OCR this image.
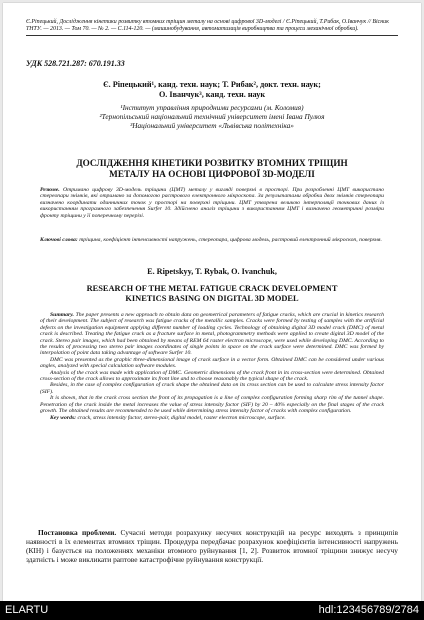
Є.Ріпецький, Дослідження кінетики розвитку втомних тріщин металу на основі цифрової 3D-моделі / Є.Ріпецький, Т.Рибак, О.Іванчук // Вісник ТНТУ. — 2013. — Том 70. — № 2. — С.114-120. — (машинобудування, автоматизація виробництва та процеси механічної обробки).
УДК 528.721.287: 670.191.33
Є. Ріпецький¹, канд. техн. наук; Т. Рибак², докт. техн. наук;
О. Іванчук³, канд. техн. наук
¹Інститут управління природними ресурсами (м. Коломия)
²Тернопільський національний технічний університет імені Івана Пулюя
³Національний університет «Львівська політехніка»
ДОСЛІДЖЕННЯ КІНЕТИКИ РОЗВИТКУ ВТОМНИХ ТРІЩИН
МЕТАЛУ НА ОСНОВІ ЦИФРОВОЇ 3D-МОДЕЛІ
Резюме. Отримано цифрову 3D-модель тріщини (ЦМТ) металу у вигляді поверхні в просторі. При розробленні ЦМТ використано стереопари знімків, які отримано за допомогою растрового електронного мікроскопа. За результатами обробки двох знімків стереопари визначено координати одинничних точок у просторі на поверхні тріщини. ЦМТ утворена великою інтерполяції точкових даних із використанням програмного забезпечення Surfer 10. Здійснено аналіз тріщини з використанням ЦМТ і визначено геометричні розміри фронту тріщини у її поперечному перерізі.
Ключові слова: тріщина, коефіцієнт інтенсивності напружень, стереопара, цифрова модель, растровий електронний мікроскоп, поверхня.
E. Ripetskyy, T. Rybak, O. Ivanchuk,
RESEARCH OF THE METAL FATIGUE CRACK DEVELOPMENT
KINETICS BASING ON DIGITAL 3D MODEL

Summary. The paper presents a new approach to obtain data on geometrical parameters of fatigue cracks, which are crucial in kinetics research of their development. The subject of research was fatigue cracks of the metallic samples. Cracks were formed by testing of samples with the artificial defects on the investigation equipment applying different number of loading cycles. Technology of obtaining digital 3D model crack (DMC) of metal crack is described. Treating the fatigue crack as a fracture surface in metal, photogrammetry methods were applied to create digital 3D model of the crack. Stereo pair images, which had been obtained by means of REM 64 raster electron microscope, were used while developing DMC. According to the results of processing two stereo pair images coordinates of single points in space on the crack surface were determined. DMC was formed by interpolation of point data taking advantage of software Surfer 10.

DMC was presented as the graphic three-dimensional image of crack surface in a vector form. Obtained DMC can be considered under various angles, analyzed with special calculation software modules.

Analysis of the crack was made with application of DMC. Geometric dimensions of the crack front in its cross-section were determined. Obtained cross-section of the crack allows to approximate its front line and to choose reasonably the typical shape of the crack.

Besides, in the case of complex configuration of crack shape the obtained data on its cross section can be used to calculate stress intensity factor (SIF).

It is shown, that in the crack cross section the front of its propagation is a line of complex configuration forming sharp rim of the tunnel shape. Penetration of the crack inside the metal increases the value of stress intensity factor (SIF) by 20 – 40% especially on the final stages of the crack growth. The obtained results are recommended to be used while determining stress intensity factor of cracks with complex configuration.

Key words: crack, stress intensity factor, stereo-pair, digital model, raster electron microscope, surface.

Постановка проблеми. Сучасні методи розрахунку несучих конструкцій на ресурс виходять з принципів наявності в їх елементах втомних тріщин. Процедура передбачає розрахунок коефіцієнтів інтенсивності напружень (КІН) і базується на положеннях механіки втомного руйнування [1, 2]. Розвиток втомної тріщини знижує несучу здатність і може викликати раптове катастрофічне руйнування конструкції.

ELARTU	hdl:123456789/2784
